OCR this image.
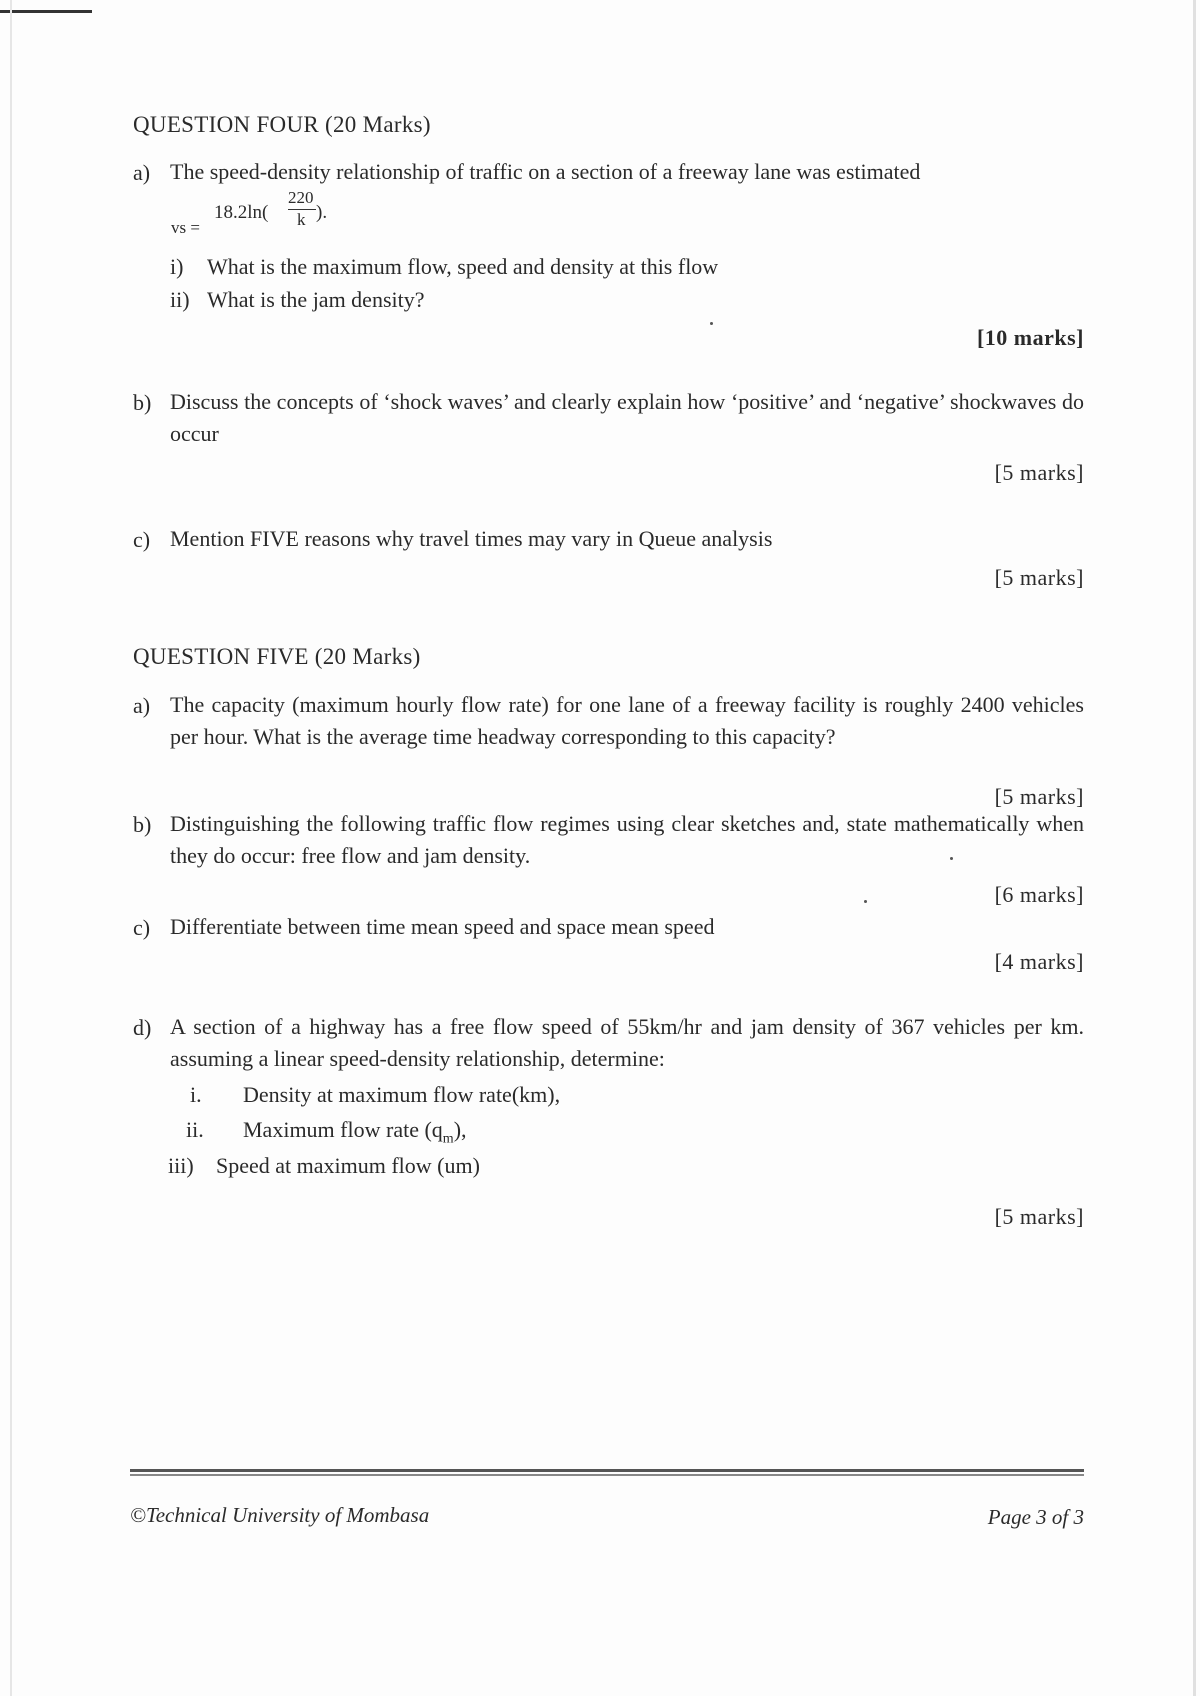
QUESTION FOUR (20 Marks)
a) The speed-density relationship of traffic on a section of a freeway lane was estimated
vs =
18.2ln(
220
k ).
i) What is the maximum flow, speed and density at this flow
ii) What is the jam density?
[10 marks]
b) Discuss the concepts of ‘shock waves’ and clearly explain how ‘positive’ and ‘negative’ shockwaves do occur
[5 marks]
c) Mention FIVE reasons why travel times may vary in Queue analysis
[5 marks]
QUESTION FIVE (20 Marks)
a) The capacity (maximum hourly flow rate) for one lane of a freeway facility is roughly 2400 vehicles per hour. What is the average time headway corresponding to this capacity?
[5 marks]
b) Distinguishing the following traffic flow regimes using clear sketches and, state mathematically when they do occur: free flow and jam density.
[6 marks]
c) Differentiate between time mean speed and space mean speed
[4 marks]
d) A section of a highway has a free flow speed of 55km/hr and jam density of 367 vehicles per km. assuming a linear speed-density relationship, determine:
i. Density at maximum flow rate(km),
ii. Maximum flow rate $(q_m)$,
iii) Speed at maximum flow (um)
[5 marks]
©Technical University of Mombasa	Page 3 of 3
